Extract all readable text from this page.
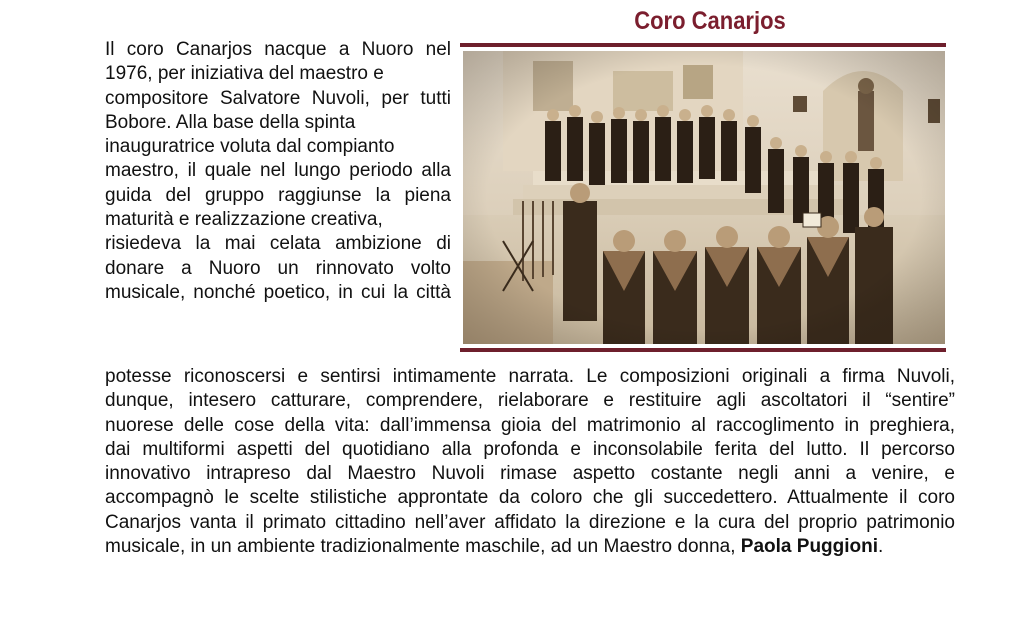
Coro Canarjos
Il coro Canarjos nacque a Nuoro nel
1976, per iniziativa del maestro e
compositore Salvatore Nuvoli, per tutti
Bobore. Alla base della spinta
inauguratrice voluta dal compianto
maestro, il quale nel lungo periodo alla
guida del gruppo raggiunse la piena
maturità e realizzazione creativa,
risiedeva la mai celata ambizione di
donare a Nuoro un rinnovato volto
musicale, nonché poetico, in cui la città
potesse riconoscersi e sentirsi intimamente narrata. Le composizioni originali a firma Nuvoli,
dunque, intesero catturare, comprendere, rielaborare e restituire agli ascoltatori il “sentire”
nuorese delle cose della vita: dall’immensa gioia del matrimonio al raccoglimento in preghiera,
dai multiformi aspetti del quotidiano alla profonda e inconsolabile ferita del lutto. Il percorso
innovativo intrapreso dal Maestro Nuvoli rimase aspetto costante negli anni a venire, e
accompagnò le scelte stilistiche approntate da coloro che gli succedettero. Attualmente il coro
Canarjos vanta il primato cittadino nell’aver affidato la direzione e la cura del proprio patrimonio
musicale, in un ambiente tradizionalmente maschile, ad un Maestro donna, Paola Puggioni.
